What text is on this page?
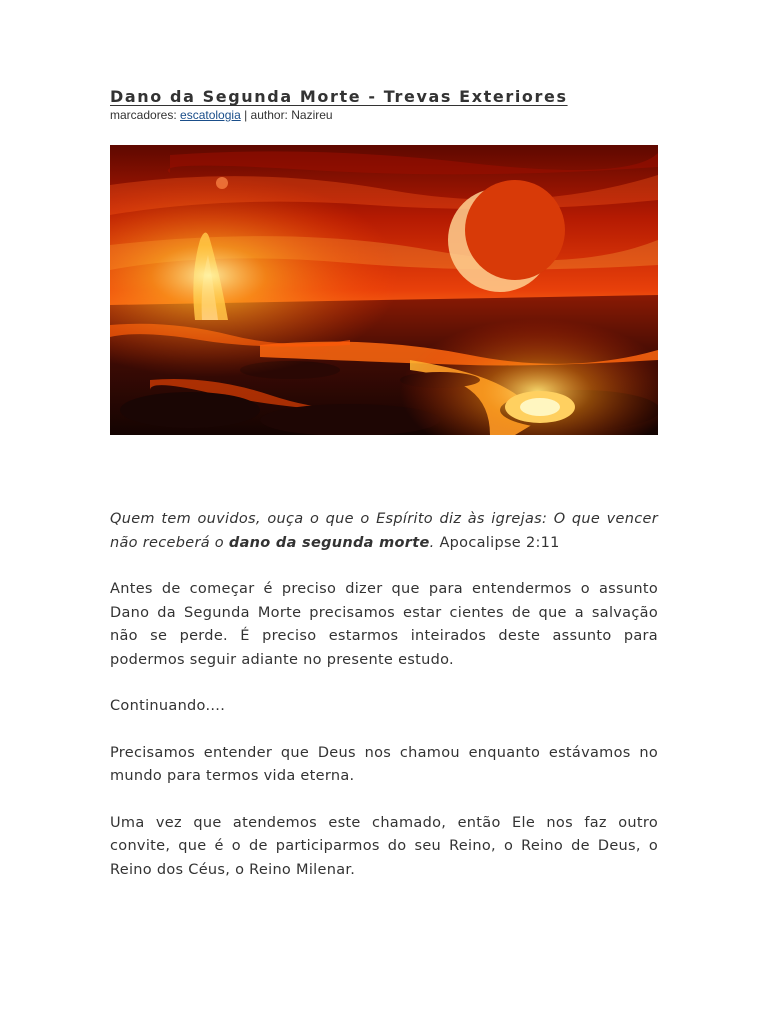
Dano da Segunda Morte - Trevas Exteriores
marcadores: escatologia | author: Nazireu

Quem tem ouvidos, ouça o que o Espírito diz às igrejas: O que vencer não receberá o dano da segunda morte. Apocalipse 2:11

Antes de começar é preciso dizer que para entendermos o assunto Dano da Segunda Morte precisamos estar cientes de que a salvação não se perde. É preciso estarmos inteirados deste assunto para podermos seguir adiante no presente estudo.

Continuando....

Precisamos entender que Deus nos chamou enquanto estávamos no mundo para termos vida eterna.

Uma vez que atendemos este chamado, então Ele nos faz outro convite, que é o de participarmos do seu Reino, o Reino de Deus, o Reino dos Céus, o Reino Milenar.
